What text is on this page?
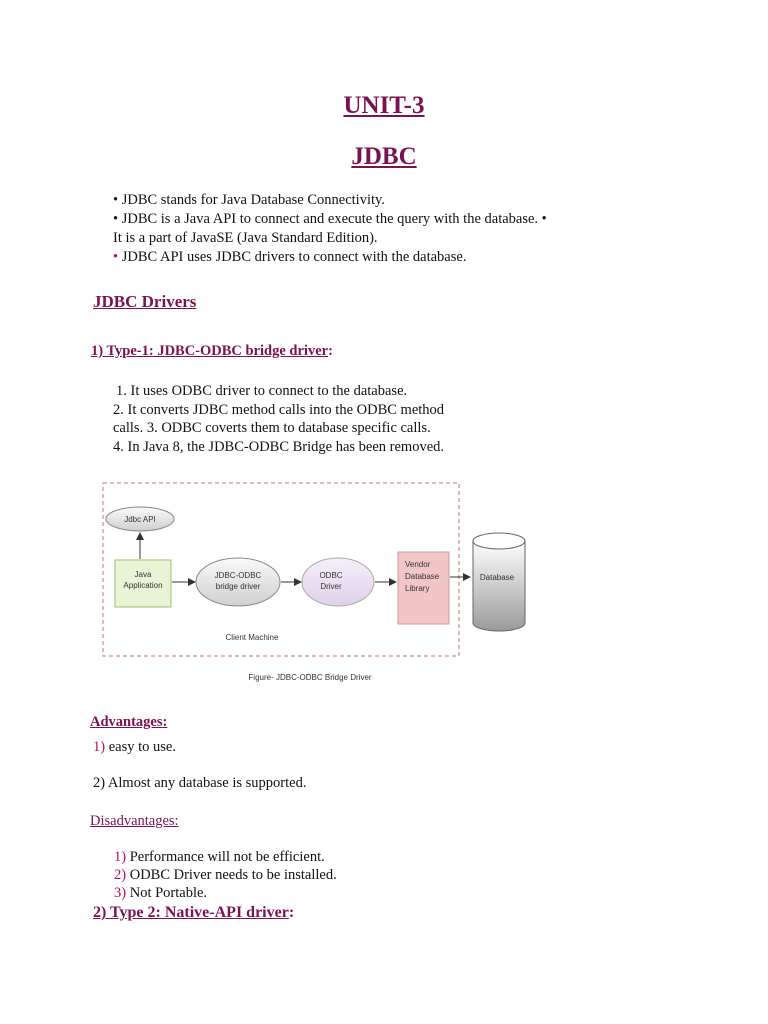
UNIT-3
JDBC
• JDBC stands for Java Database Connectivity.
• JDBC is a Java API to connect and execute the query with the database. •
It is a part of JavaSE (Java Standard Edition).
• JDBC API uses JDBC drivers to connect with the database.
JDBC Drivers
1) Type-1: JDBC-ODBC bridge driver:
1. It uses ODBC driver to connect to the database.
2. It converts JDBC method calls into the ODBC method
calls. 3. ODBC coverts them to database specific calls.
4. In Java 8, the JDBC-ODBC Bridge has been removed.
Jdbc API
Java
Application
JDBC-ODBC
bridge driver
ODBC
Driver
Vendor
Database
Library
Database
Client Machine
Figure- JDBC-ODBC Bridge Driver
Advantages:
1) easy to use.
2) Almost any database is supported.
Disadvantages:
1) Performance will not be efficient.
2) ODBC Driver needs to be installed.
3) Not Portable.
2) Type 2: Native-API driver:
